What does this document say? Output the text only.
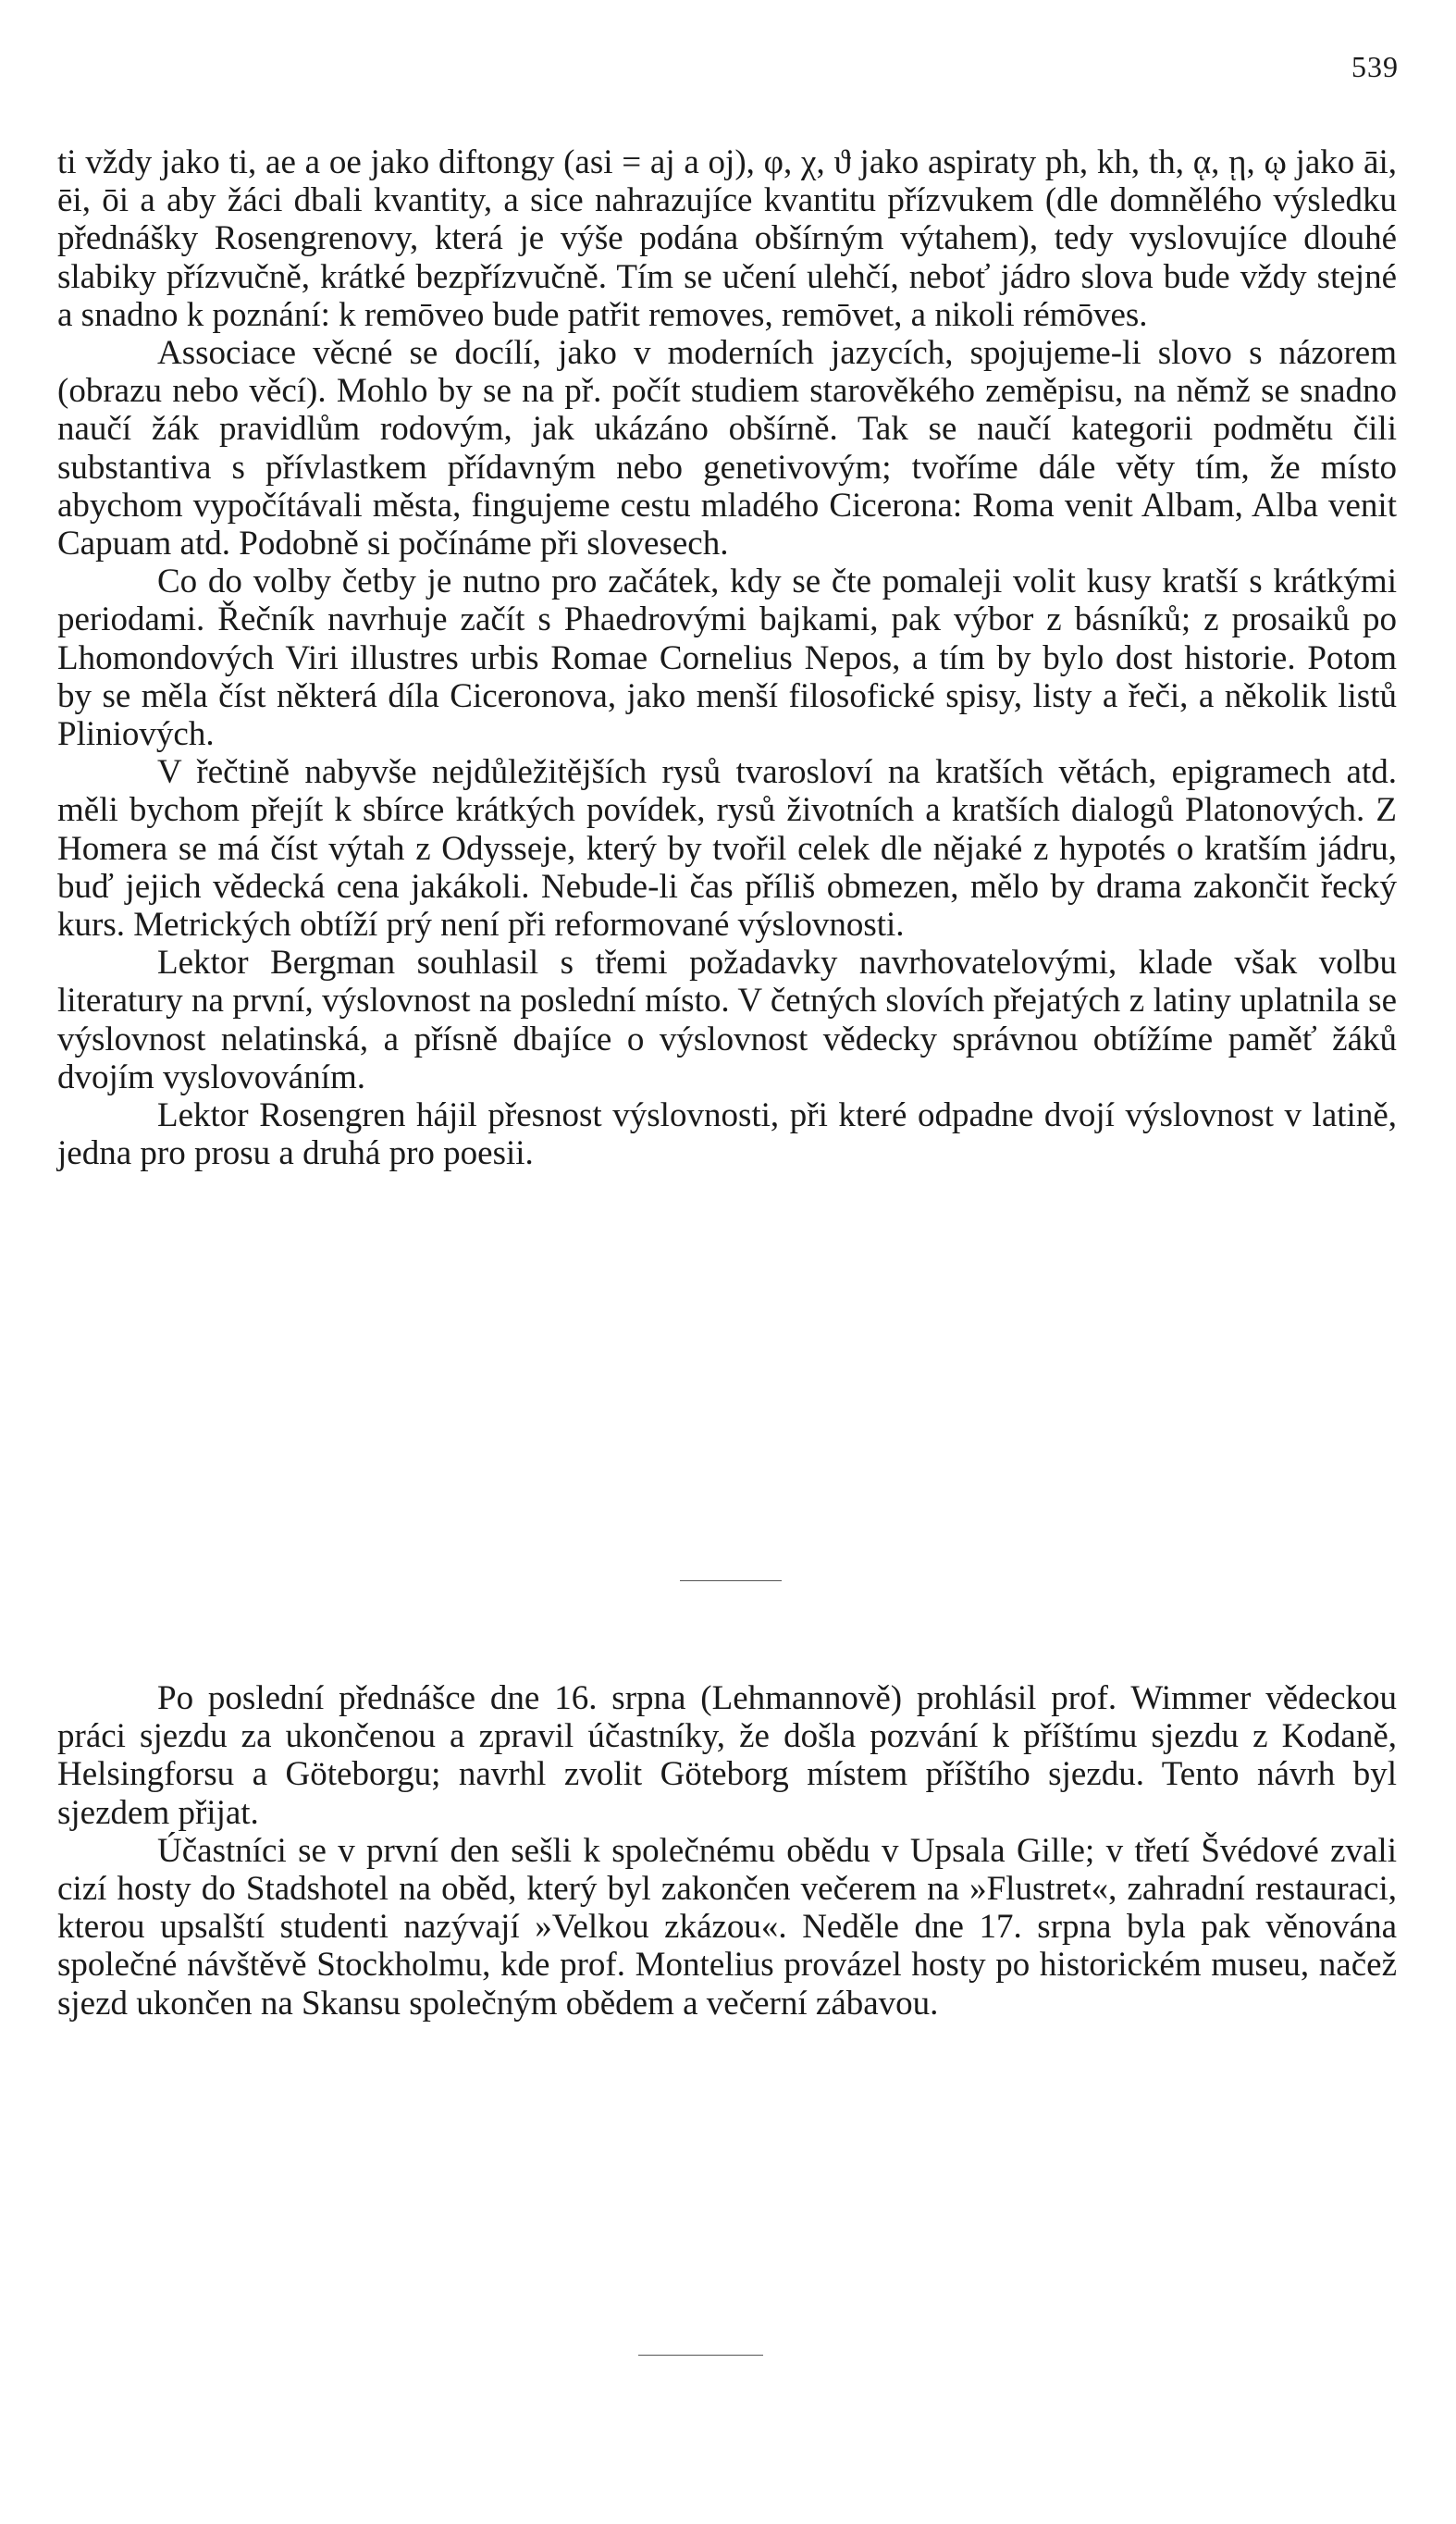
539

ti vždy jako ti, ae a oe jako diftongy (asi = aj a oj), φ, χ, ϑ jako aspiraty ph, kh, th, ᾳ, ῃ, ῳ jako āi, ēi, ōi a aby žáci dbali kvantity, a sice nahrazujíce kvantitu přízvukem (dle domnělého výsledku přednášky Rosengrenovy, která je výše podána obšírným výtahem), tedy vyslovujíce dlouhé slabiky přízvučně, krátké bezpřízvučně. Tím se učení ulehčí, neboť jádro slova bude vždy stejné a snadno k poznání: k remōveo bude patřit removes, remōvet, a nikoli rémōves.

Associace věcné se docílí, jako v moderních jazycích, spojujeme-li slovo s názorem (obrazu nebo věcí). Mohlo by se na př. počít studiem starověkého zeměpisu, na němž se snadno naučí žák pravidlům rodovým, jak ukázáno obšírně. Tak se naučí kategorii podmětu čili substantiva s přívlastkem přídavným nebo genetivovým; tvoříme dále věty tím, že místo abychom vypočítávali města, fingujeme cestu mladého Cicerona: Roma venit Albam, Alba venit Capuam atd. Podobně si počínáme při slovesech.

Co do volby četby je nutno pro začátek, kdy se čte pomaleji volit kusy kratší s krátkými periodami. Řečník navrhuje začít s Phaedrovými bajkami, pak výbor z básníků; z prosaiků po Lhomondových Viri illustres urbis Romae Cornelius Nepos, a tím by bylo dost historie. Potom by se měla číst některá díla Ciceronova, jako menší filosofické spisy, listy a řeči, a několik listů Pliniových.

V řečtině nabyvše nejdůležitějších rysů tvarosloví na kratších větách, epigramech atd. měli bychom přejít k sbírce krátkých povídek, rysů životních a kratších dialogů Platonových. Z Homera se má číst výtah z Odysseje, který by tvořil celek dle nějaké z hypotés o kratším jádru, buď jejich vědecká cena jakákoli. Nebude-li čas příliš obmezen, mělo by drama zakončit řecký kurs. Metrických obtíží prý není při reformované výslovnosti.

Lektor Bergman souhlasil s třemi požadavky navrhovatelovými, klade však volbu literatury na první, výslovnost na poslední místo. V četných slovích přejatých z latiny uplatnila se výslovnost nelatinská, a přísně dbajíce o výslovnost vědecky správnou obtížíme paměť žáků dvojím vyslovováním.

Lektor Rosengren hájil přesnost výslovnosti, při které odpadne dvojí výslovnost v latině, jedna pro prosu a druhá pro poesii.

Po poslední přednášce dne 16. srpna (Lehmannově) prohlásil prof. Wimmer vědeckou práci sjezdu za ukončenou a zpravil účastníky, že došla pozvání k příštímu sjezdu z Kodaně, Helsingforsu a Göteborgu; navrhl zvolit Göteborg místem příštího sjezdu. Tento návrh byl sjezdem přijat.

Účastníci se v první den sešli k společnému obědu v Upsala Gille; v třetí Švédové zvali cizí hosty do Stadshotel na oběd, který byl zakončen večerem na »Flustret«, zahradní restauraci, kterou upsalští studenti nazývají »Velkou zkázou«. Neděle dne 17. srpna byla pak věnována společné návštěvě Stockholmu, kde prof. Montelius provázel hosty po historickém museu, načež sjezd ukončen na Skansu společným obědem a večerní zábavou.
